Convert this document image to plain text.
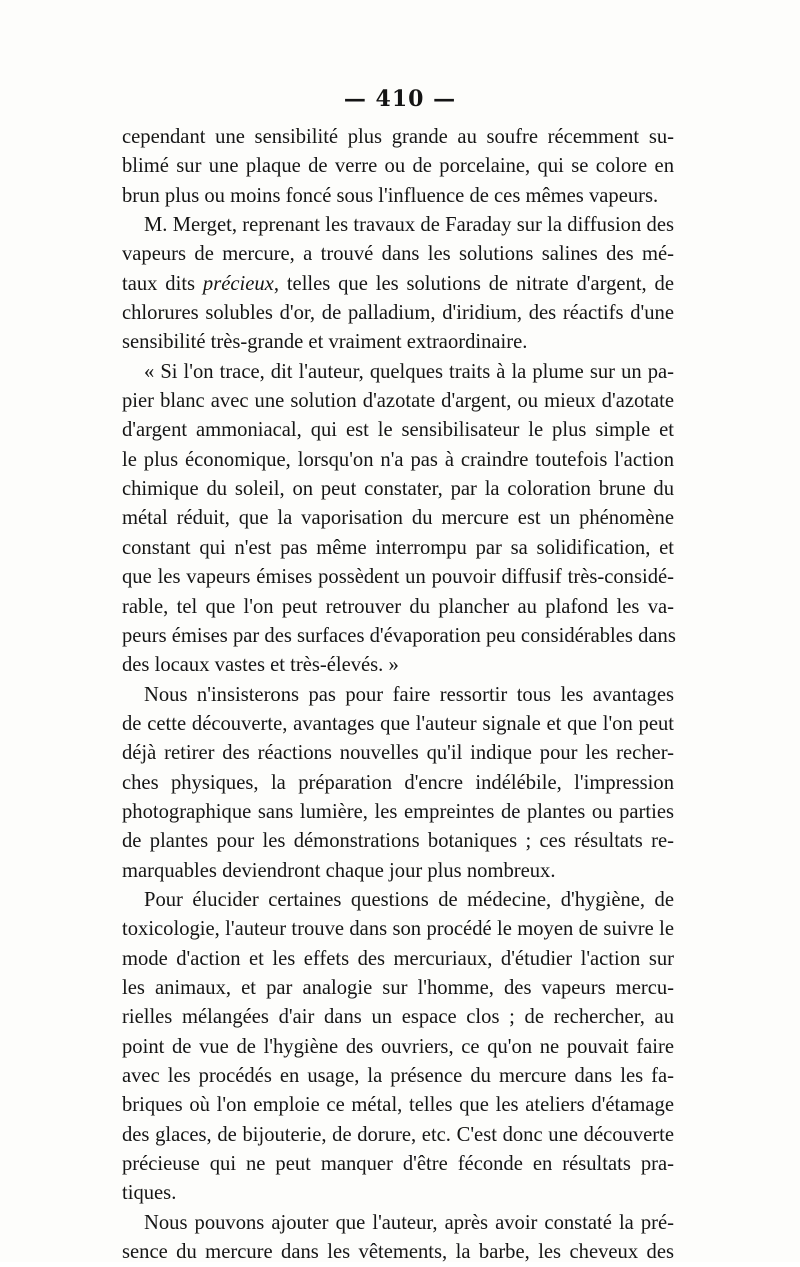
— 410 —
cependant une sensibilité plus grande au soufre récemment su-
blimé sur une plaque de verre ou de porcelaine, qui se colore en
brun plus ou moins foncé sous l'influence de ces mêmes vapeurs.
M. Merget, reprenant les travaux de Faraday sur la diffusion des
vapeurs de mercure, a trouvé dans les solutions salines des mé-
taux dits précieux, telles que les solutions de nitrate d'argent, de
chlorures solubles d'or, de palladium, d'iridium, des réactifs d'une
sensibilité très-grande et vraiment extraordinaire.
« Si l'on trace, dit l'auteur, quelques traits à la plume sur un pa-
pier blanc avec une solution d'azotate d'argent, ou mieux d'azotate
d'argent ammoniacal, qui est le sensibilisateur le plus simple et
le plus économique, lorsqu'on n'a pas à craindre toutefois l'action
chimique du soleil, on peut constater, par la coloration brune du
métal réduit, que la vaporisation du mercure est un phénomène
constant qui n'est pas même interrompu par sa solidification, et
que les vapeurs émises possèdent un pouvoir diffusif très-considé-
rable, tel que l'on peut retrouver du plancher au plafond les va-
peurs émises par des surfaces d'évaporation peu considérables dans
des locaux vastes et très-élevés. »
Nous n'insisterons pas pour faire ressortir tous les avantages
de cette découverte, avantages que l'auteur signale et que l'on peut
déjà retirer des réactions nouvelles qu'il indique pour les recher-
ches physiques, la préparation d'encre indélébile, l'impression
photographique sans lumière, les empreintes de plantes ou parties
de plantes pour les démonstrations botaniques ; ces résultats re-
marquables deviendront chaque jour plus nombreux.
Pour élucider certaines questions de médecine, d'hygiène, de
toxicologie, l'auteur trouve dans son procédé le moyen de suivre le
mode d'action et les effets des mercuriaux, d'étudier l'action sur
les animaux, et par analogie sur l'homme, des vapeurs mercu-
rielles mélangées d'air dans un espace clos ; de rechercher, au
point de vue de l'hygiène des ouvriers, ce qu'on ne pouvait faire
avec les procédés en usage, la présence du mercure dans les fa-
briques où l'on emploie ce métal, telles que les ateliers d'étamage
des glaces, de bijouterie, de dorure, etc. C'est donc une découverte
précieuse qui ne peut manquer d'être féconde en résultats pra-
tiques.
Nous pouvons ajouter que l'auteur, après avoir constaté la pré-
sence du mercure dans les vêtements, la barbe, les cheveux des
